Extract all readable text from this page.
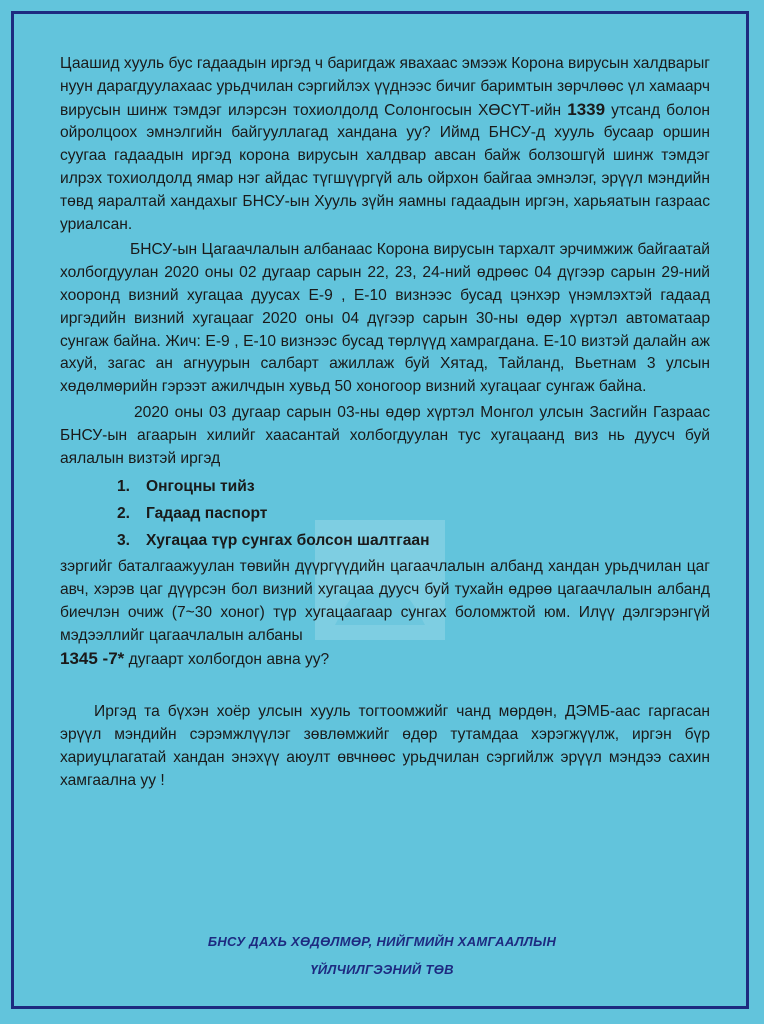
Цаашид хууль бус гадаадын иргэд ч баригдаж явахаас эмээж Корона вирусын халдварыг нуун дарагдуулахаас урьдчилан сэргийлэх үүднээс бичиг баримтын зөрчлөөс үл хамаарч вирусын шинж тэмдэг илэрсэн тохиолдолд Солонгосын ХӨСҮТ-ийн 1339 утсанд болон ойролцоох эмнэлгийн байгууллагад хандана уу? Иймд БНСУ-д хууль бусаар оршин суугаа гадаадын иргэд корона вирусын халдвар авсан байж болзошгүй шинж тэмдэг илрэх тохиолдолд ямар нэг айдас түгшүүргүй аль ойрхон байгаа эмнэлэг, эрүүл мэндийн төвд яаралтай хандахыг БНСУ-ын Хууль зүйн яамны гадаадын иргэн, харьяатын газраас уриалсан.

БНСУ-ын Цагаачлалын албанаас Корона вирусын тархалт эрчимжиж байгаатай холбогдуулан 2020 оны 02 дугаар сарын 22, 23, 24-ний өдрөөс 04 дүгээр сарын 29-ний хооронд визний хугацаа дуусах Е-9 , Е-10 визнээс бусад цэнхэр үнэмлэхтэй гадаад иргэдийн визний хугацааг 2020 оны 04 дүгээр сарын 30-ны өдөр хүртэл автоматаар сунгаж байна. Жич: Е-9 , Е-10 визнээс бусад төрлүүд хамрагдана. Е-10 визтэй далайн аж ахуй, загас ан агнуурын салбарт ажиллаж буй Хятад, Тайланд, Вьетнам 3 улсын хөдөлмөрийн гэрээт ажилчдын хувьд 50 хоногоор визний хугацааг сунгаж байна.

2020 оны 03 дугаар сарын 03-ны өдөр хүртэл Монгол улсын Засгийн Газраас БНСУ-ын агаарын хилийг хаасантай холбогдуулан тус хугацаанд виз нь дуусч буй аялалын визтэй иргэд

1. Онгоцны тийз
2. Гадаад паспорт
3. Хугацаа түр сунгах болсон шалтгаан

зэргийг баталгаажуулан төвийн дүүргүүдийн цагаачлалын албанд хандан урьдчилан цаг авч, хэрэв цаг дүүрсэн бол визний хугацаа дуусч буй тухайн өдрөө цагаачлалын албанд биечлэн очиж (7~30 хоног) түр хугацаагаар сунгах боломжтой юм. Илүү дэлгэрэнгүй мэдээллийг цагаачлалын албаны
1345 -7* дугаарт холбогдон авна уу?

Иргэд та бүхэн хоёр улсын хууль тогтоомжийг чанд мөрдөн, ДЭМБ-аас гаргасан эрүүл мэндийн сэрэмжлүүлэг зөвлөмжийг өдөр тутамдаа хэрэгжүүлж, иргэн бүр хариуцлагатай хандан энэхүү аюулт өвчнөөс урьдчилан сэргийлж эрүүл мэндээ сахин хамгаална уу !

БНСУ ДАХЬ ХӨДӨЛМӨР, НИЙГМИЙН ХАМГААЛЛЫН
ҮЙЛЧИЛГЭЭНИЙ ТӨВ
